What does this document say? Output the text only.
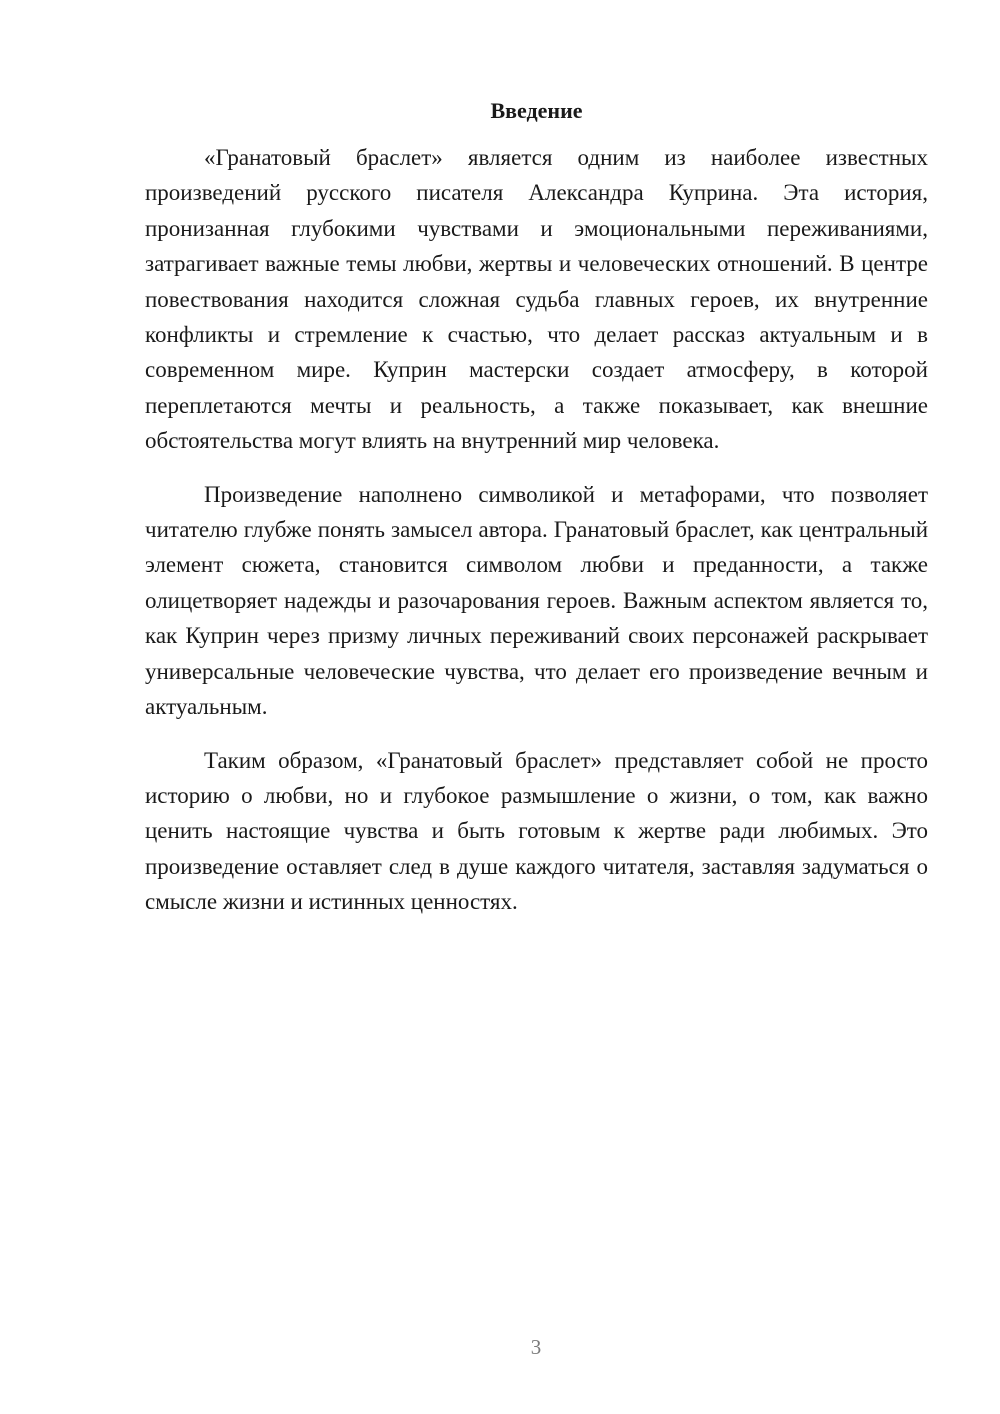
Введение

«Гранатовый браслет» является одним из наиболее известных произведений русского писателя Александра Куприна. Эта история, пронизанная глубокими чувствами и эмоциональными переживаниями, затрагивает важные темы любви, жертвы и человеческих отношений. В центре повествования находится сложная судьба главных героев, их внутренние конфликты и стремление к счастью, что делает рассказ актуальным и в современном мире. Куприн мастерски создает атмосферу, в которой переплетаются мечты и реальность, а также показывает, как внешние обстоятельства могут влиять на внутренний мир человека.

Произведение наполнено символикой и метафорами, что позволяет читателю глубже понять замысел автора. Гранатовый браслет, как центральный элемент сюжета, становится символом любви и преданности, а также олицетворяет надежды и разочарования героев. Важным аспектом является то, как Куприн через призму личных переживаний своих персонажей раскрывает универсальные человеческие чувства, что делает его произведение вечным и актуальным.

Таким образом, «Гранатовый браслет» представляет собой не просто историю о любви, но и глубокое размышление о жизни, о том, как важно ценить настоящие чувства и быть готовым к жертве ради любимых. Это произведение оставляет след в душе каждого читателя, заставляя задуматься о смысле жизни и истинных ценностях.

3
